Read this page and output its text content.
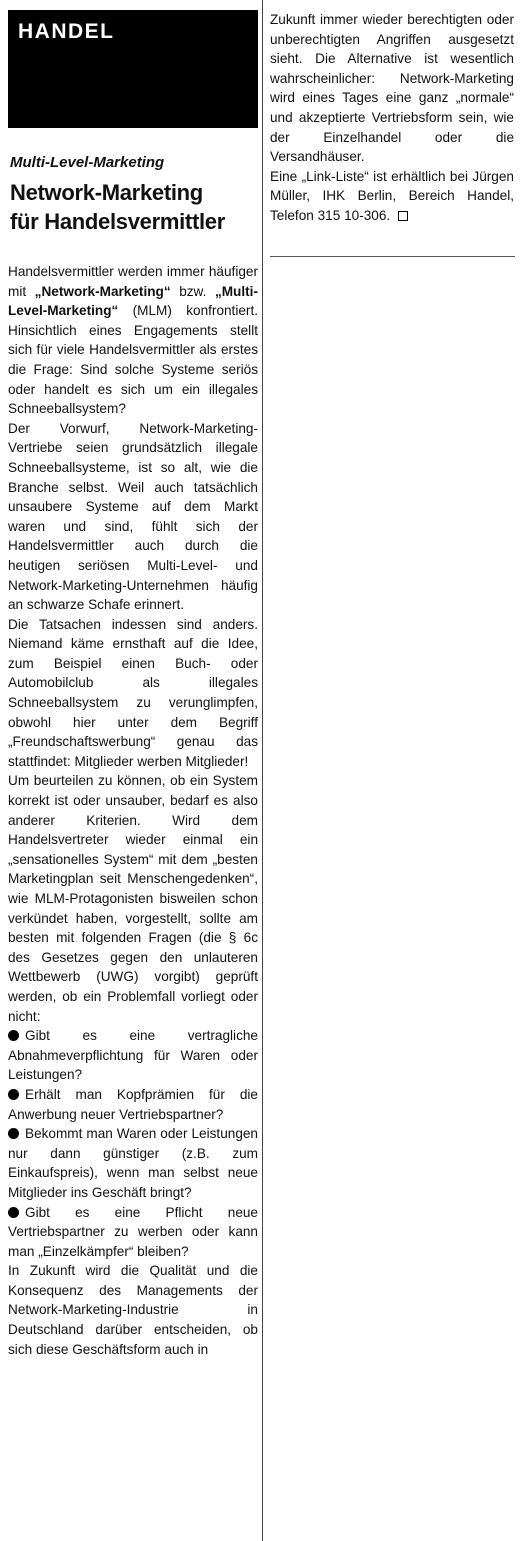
HANDEL
Multi-Level-Marketing
Network-Marketing
für Handelsvermittler

Handelsvermittler werden immer häufiger mit „Network-Marketing“ bzw. „Multi-Level-Marketing“ (MLM) konfrontiert. Hinsichtlich eines Engagements stellt sich für viele Handelsvermittler als erstes die Frage: Sind solche Systeme seriös oder handelt es sich um ein illegales Schneeballsystem?

Der Vorwurf, Network-Marketing-Vertriebe seien grundsätzlich illegale Schneeballsysteme, ist so alt, wie die Branche selbst. Weil auch tatsächlich unsaubere Systeme auf dem Markt waren und sind, fühlt sich der Handelsvermittler auch durch die heutigen seriösen Multi-Level- und Network-Marketing-Unternehmen häufig an schwarze Schafe erinnert.

Die Tatsachen indessen sind anders. Niemand käme ernsthaft auf die Idee, zum Beispiel einen Buch- oder Automobilclub als illegales Schneeballsystem zu verunglimpfen, obwohl hier unter dem Begriff „Freundschaftswerbung“ genau das stattfindet: Mitglieder werben Mitglieder!

Um beurteilen zu können, ob ein System korrekt ist oder unsauber, bedarf es also anderer Kriterien. Wird dem Handelsvertreter wieder einmal ein „sensationelles System“ mit dem „besten Marketingplan seit Menschengedenken“, wie MLM-Protagonisten bisweilen schon verkündet haben, vorgestellt, sollte am besten mit folgenden Fragen (die § 6c des Gesetzes gegen den unlauteren Wettbewerb (UWG) vorgibt) geprüft werden, ob ein Problemfall vorliegt oder nicht:

Gibt es eine vertragliche Abnahmeverpflichtung für Waren oder Leistungen?

Erhält man Kopfprämien für die Anwerbung neuer Vertriebspartner?

Bekommt man Waren oder Leistungen nur dann günstiger (z.B. zum Einkaufspreis), wenn man selbst neue Mitglieder ins Geschäft bringt?

Gibt es eine Pflicht neue Vertriebspartner zu werben oder kann man „Einzelkämpfer“ bleiben?

In Zukunft wird die Qualität und die Konsequenz des Managements der Network-Marketing-Industrie in Deutschland darüber entscheiden, ob sich diese Geschäftsform auch in

Zukunft immer wieder berechtigten oder unberechtigten Angriffen ausgesetzt sieht. Die Alternative ist wesentlich wahrscheinlicher: Network-Marketing wird eines Tages eine ganz „normale“ und akzeptierte Vertriebsform sein, wie der Einzelhandel oder die Versandhäuser.

Eine „Link-Liste“ ist erhältlich bei Jürgen Müller, IHK Berlin, Bereich Handel, Telefon 315 10-306.
